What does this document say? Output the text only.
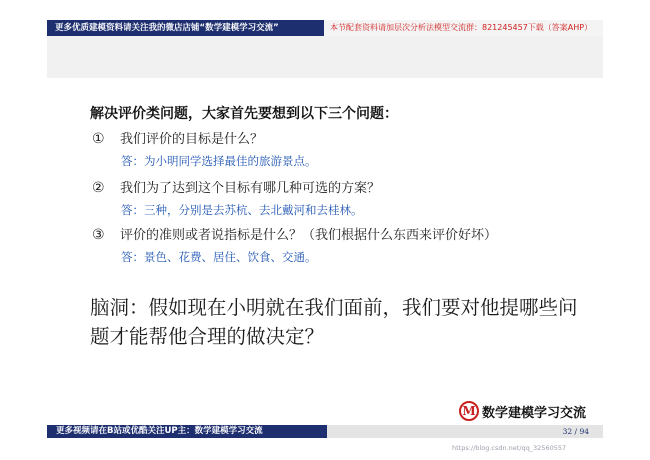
更多优质建模资料请关注我的微店店铺“数学建模学习交流”	本节配套资料请加层次分析法模型交流群：821245457下载（答案AHP）
解决评价类问题，大家首先要想到以下三个问题：
① 我们评价的目标是什么？
答：为小明同学选择最佳的旅游景点。
② 我们为了达到这个目标有哪几种可选的方案？
答：三种，分别是去苏杭、去北戴河和去桂林。
③ 评价的准则或者说指标是什么？（我们根据什么东西来评价好坏）
答：景色、花费、居住、饮食、交通。
脑洞：假如现在小明就在我们面前，我们要对他提哪些问题才能帮他合理的做决定？
M 数学建模学习交流
更多视频请在B站或优酷关注UP主：数学建模学习交流	32 / 94
https://blog.csdn.net/qq_32560557
